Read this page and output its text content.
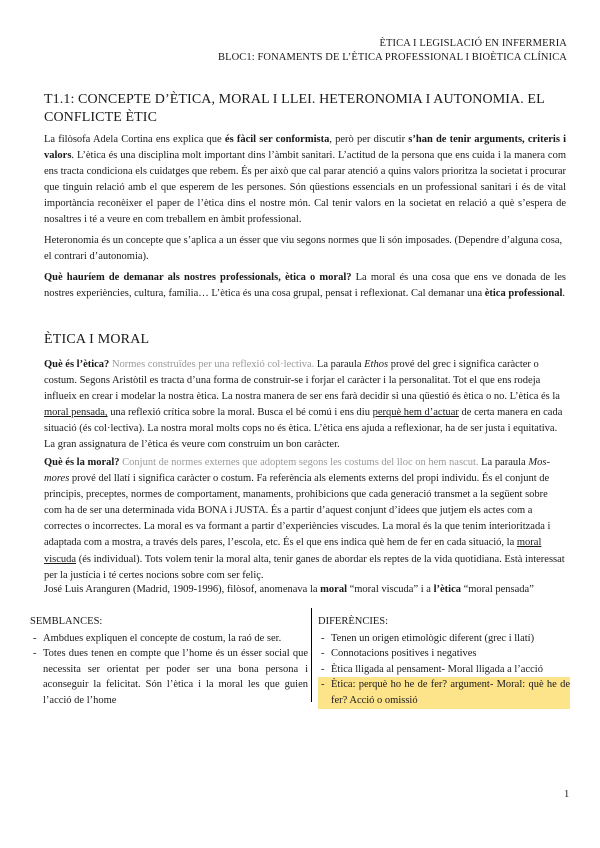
ÈTICA I LEGISLACIÓ EN INFERMERIA
BLOC1: FONAMENTS DE L’ÈTICA PROFESSIONAL I BIOÈTICA CLÍNICA
T1.1: CONCEPTE D’ÈTICA, MORAL I LLEI. HETERONOMIA I AUTONOMIA. EL CONFLICTE ÈTIC
La filòsofa Adela Cortina ens explica que és fàcil ser conformista, però per discutir s’han de tenir arguments, criteris i valors. L’ètica és una disciplina molt important dins l’àmbit sanitari. L’actitud de la persona que ens cuida i la manera com ens tracta condiciona els cuidatges que rebem. És per això que cal parar atenció a quins valors prioritza la societat i procurar que tinguin relació amb el que esperem de les persones. Són qüestions essencials en un professional sanitari i és de vital importància reconèixer el paper de l’ètica dins el nostre món. Cal tenir valors en la societat en relació a què s’espera de nosaltres i té a veure en com treballem en àmbit professional.
Heteronomia és un concepte que s’aplica a un ésser que viu segons normes que li són imposades. (Dependre d’alguna cosa, el contrari d’autonomia).
Què hauríem de demanar als nostres professionals, ètica o moral? La moral és una cosa que ens ve donada de les nostres experiències, cultura, família… L’ètica és una cosa grupal, pensat i reflexionat. Cal demanar una ètica professional.
ÈTICA I MORAL
Què és l’ètica? Normes construïdes per una reflexió col·lectiva. La paraula Ethos prové del grec i significa caràcter o costum. Segons Aristòtil es tracta d’una forma de construir-se i forjar el caràcter i la personalitat. Tot el que ens rodeja influeix en crear i modelar la nostra ètica. La nostra manera de ser ens farà decidir si una qüestió és ètica o no. L’ètica és la moral pensada, una reflexió crítica sobre la moral. Busca el bé comú i ens diu perquè hem d’actuar de certa manera en cada situació (és col·lectiva). La nostra moral molts cops no és ètica. L’ètica ens ajuda a reflexionar, ha de ser justa i equitativa. La gran assignatura de l’ètica és veure com construim un bon caràcter.
Què és la moral? Conjunt de normes externes que adoptem segons les costums del lloc on hem nascut. La paraula Mos-mores prové del llatí i significa caràcter o costum. Fa referència als elements externs del propi individu. És el conjunt de principis, preceptes, normes de comportament, manaments, prohibicions que cada generació transmet a la següent sobre com ha de ser una determinada vida BONA i JUSTA. És a partir d’aquest conjunt d’idees que jutjem els actes com a correctes o incorrectes. La moral es va formant a partir d’experiències viscudes. La moral és la que tenim interioritzada i adaptada com a mostra, a través dels pares, l’escola, etc. És el que ens indica què hem de fer en cada situació, la moral viscuda (és individual). Tots volem tenir la moral alta, tenir ganes de abordar els reptes de la vida quotidiana. Està interessat per la justícia i té certes nocions sobre com ser feliç.
José Luis Aranguren (Madrid, 1909-1996), filòsof, anomenava la moral “moral viscuda” i a l’ètica “moral pensada”
SEMBLANCES:
- Ambdues expliquen el concepte de costum, la raó de ser.
- Totes dues tenen en compte que l’home és un ésser social que necessita ser orientat per poder ser una bona persona i aconseguir la felicitat. Són l’ètica i la moral les que guien l’acció de l’home
DIFERÈNCIES:
- Tenen un origen etimològic diferent (grec i llatí)
- Connotacions positives i negatives
- Ètica lligada al pensament- Moral lligada a l’acció
- Ètica: perquè ho he de fer? argument- Moral: què he de fer? Acció o omissió
1
